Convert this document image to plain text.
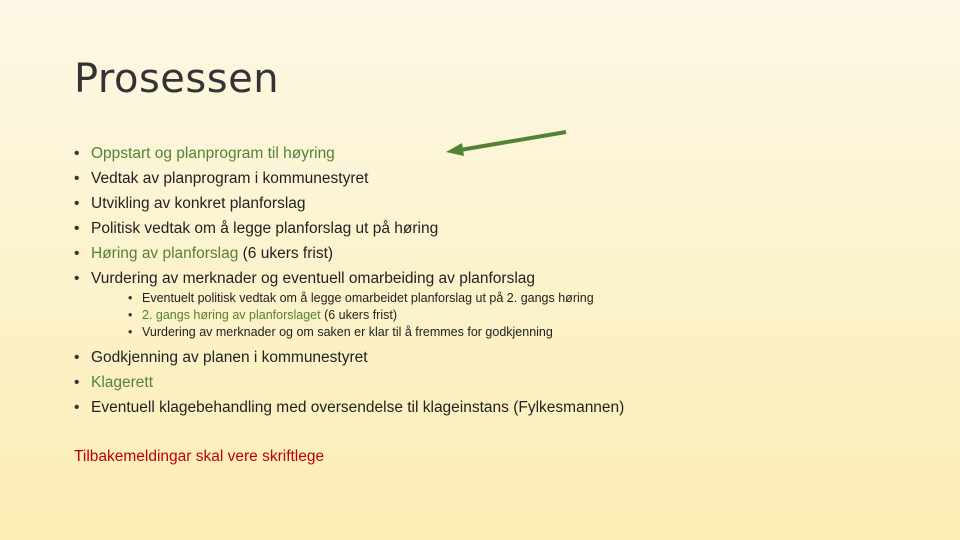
Prosessen
• Oppstart og planprogram til høyring
• Vedtak av planprogram i kommunestyret
• Utvikling av konkret planforslag
• Politisk vedtak om å legge planforslag ut på høring
• Høring av planforslag (6 ukers frist)
• Vurdering av merknader og eventuell omarbeiding av planforslag
• Eventuelt politisk vedtak om å legge omarbeidet planforslag ut på 2. gangs høring
• 2. gangs høring av planforslaget (6 ukers frist)
• Vurdering av merknader og om saken er klar til å fremmes for godkjenning
• Godkjenning av planen i kommunestyret
• Klagerett
• Eventuell klagebehandling med oversendelse til klageinstans (Fylkesmannen)
Tilbakemeldingar skal vere skriftlege
